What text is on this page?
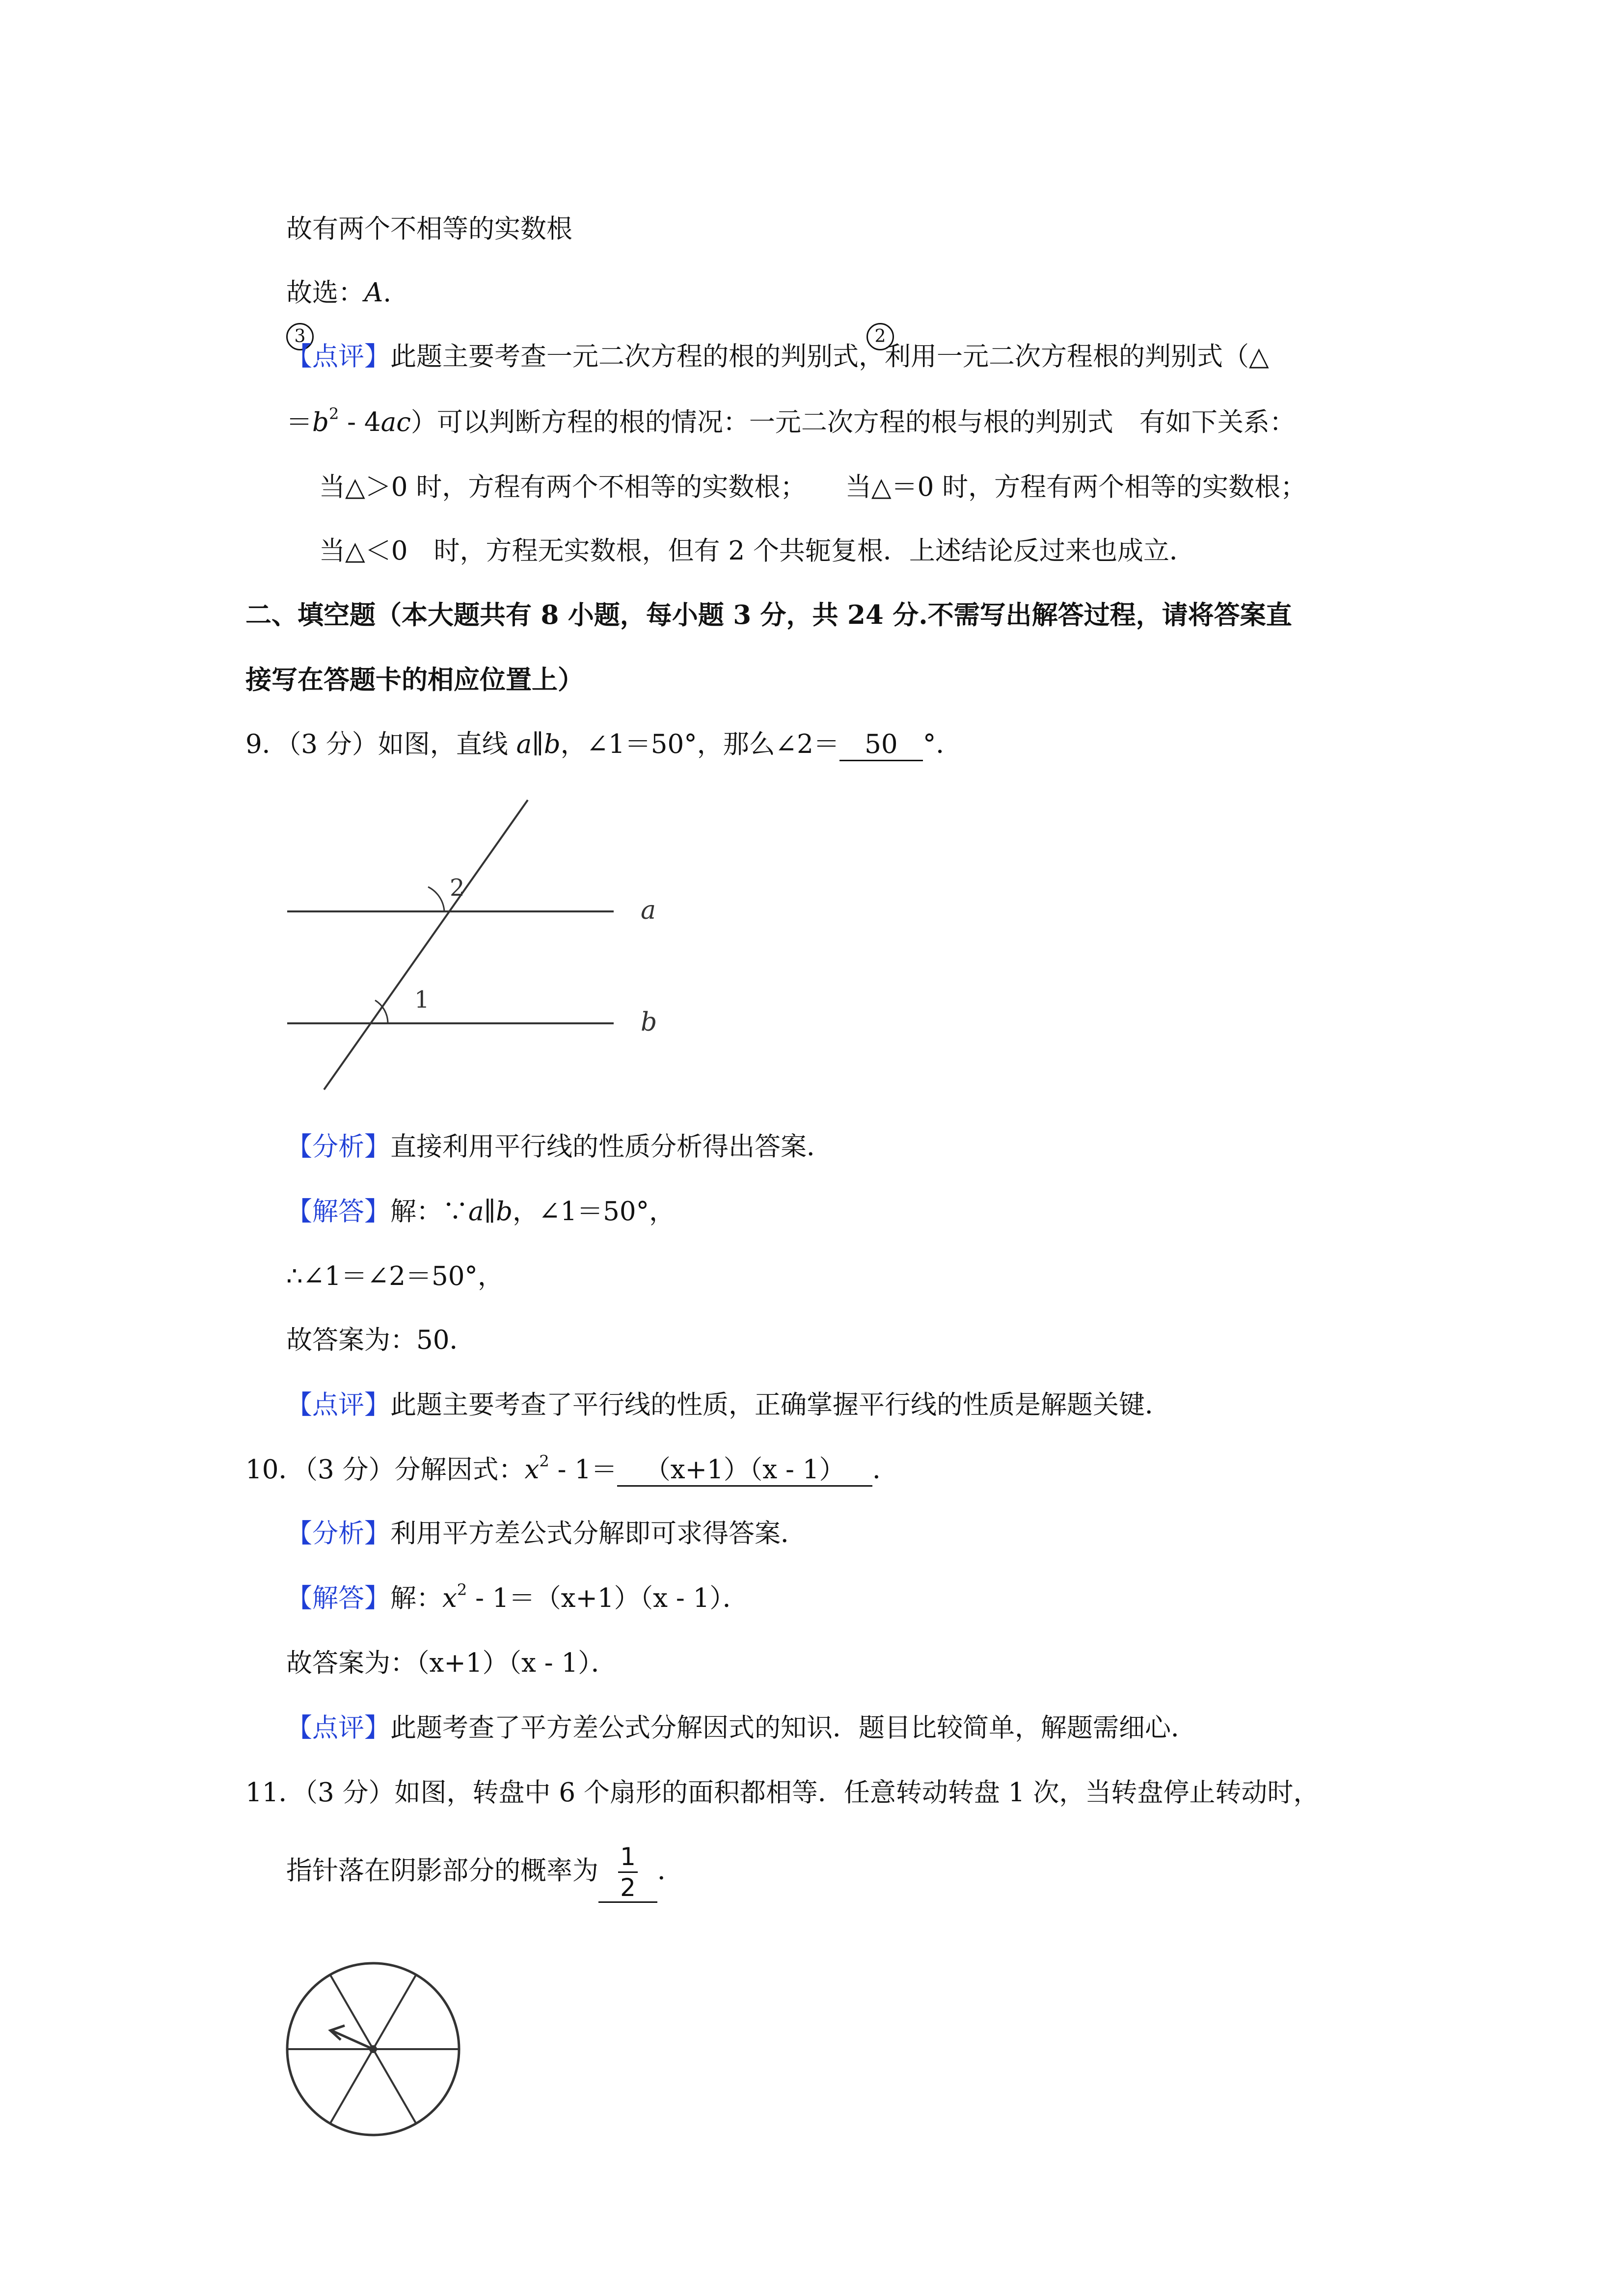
故有两个不相等的实数根
故选：A.
3	2
【点评】此题主要考查一元二次方程的根的判别式，利用一元二次方程根的判别式（△
$=b^2 - 4ac$）可以判断方程的根的情况：一元二次方程的根与根的判别式　有如下关系：
当△＞0 时，方程有两个不相等的实数根；　　当△＝0 时，方程有两个相等的实数根；
当△＜0　时，方程无实数根，但有 2 个共轭复根．上述结论反过来也成立．
二、填空题（本大题共有 8 小题，每小题 3 分，共 24 分.不需写出解答过程，请将答案直
接写在答题卡的相应位置上）
9．（3 分）如图，直线 a∥b，∠1＝50°，那么∠2＝ 50 °．
a
b
2
1
【分析】直接利用平行线的性质分析得出答案．
【解答】解：∵a∥b，∠1＝50°，
∴∠1＝∠2＝50°，
故答案为：50．
【点评】此题主要考查了平行线的性质，正确掌握平行线的性质是解题关键．
10．（3 分）分解因式：$x^2 - 1= (x+1)(x - 1)$ ．
【分析】利用平方差公式分解即可求得答案．
【解答】解：$x^2 - 1=(x+1)(x - 1)$．
故答案为：（x+1）（x - 1）．
【点评】此题考查了平方差公式分解因式的知识．题目比较简单，解题需细心．
11．（3 分）如图，转盘中 6 个扇形的面积都相等．任意转动转盘 1 次，当转盘停止转动时，
指针落在阴影部分的概率为 $\frac{1}{2}$ ．
